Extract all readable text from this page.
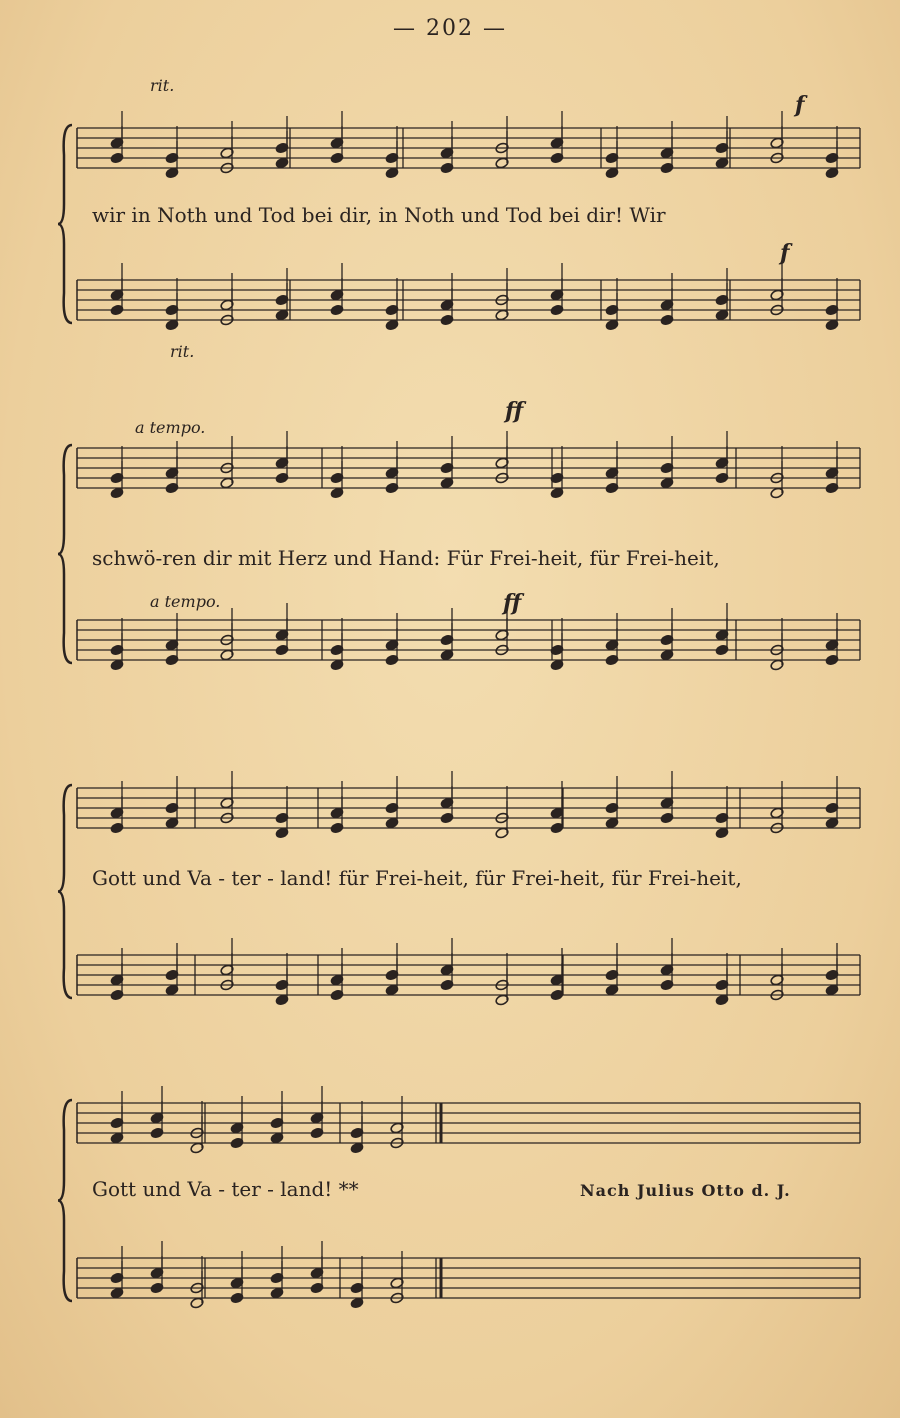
— 202 —
rit.
f
wir in Noth und Tod bei dir, in Noth und Tod bei dir! Wir
rit.
f
a tempo.
ff
schwö-ren dir mit Herz und Hand: Für Frei-heit, für Frei-heit,
a tempo.	ff
Gott und Va - ter - land! für Frei-heit, für Frei-heit, für Frei-heit,
Gott und Va - ter - land! **	Nach Julius Otto d. J.
